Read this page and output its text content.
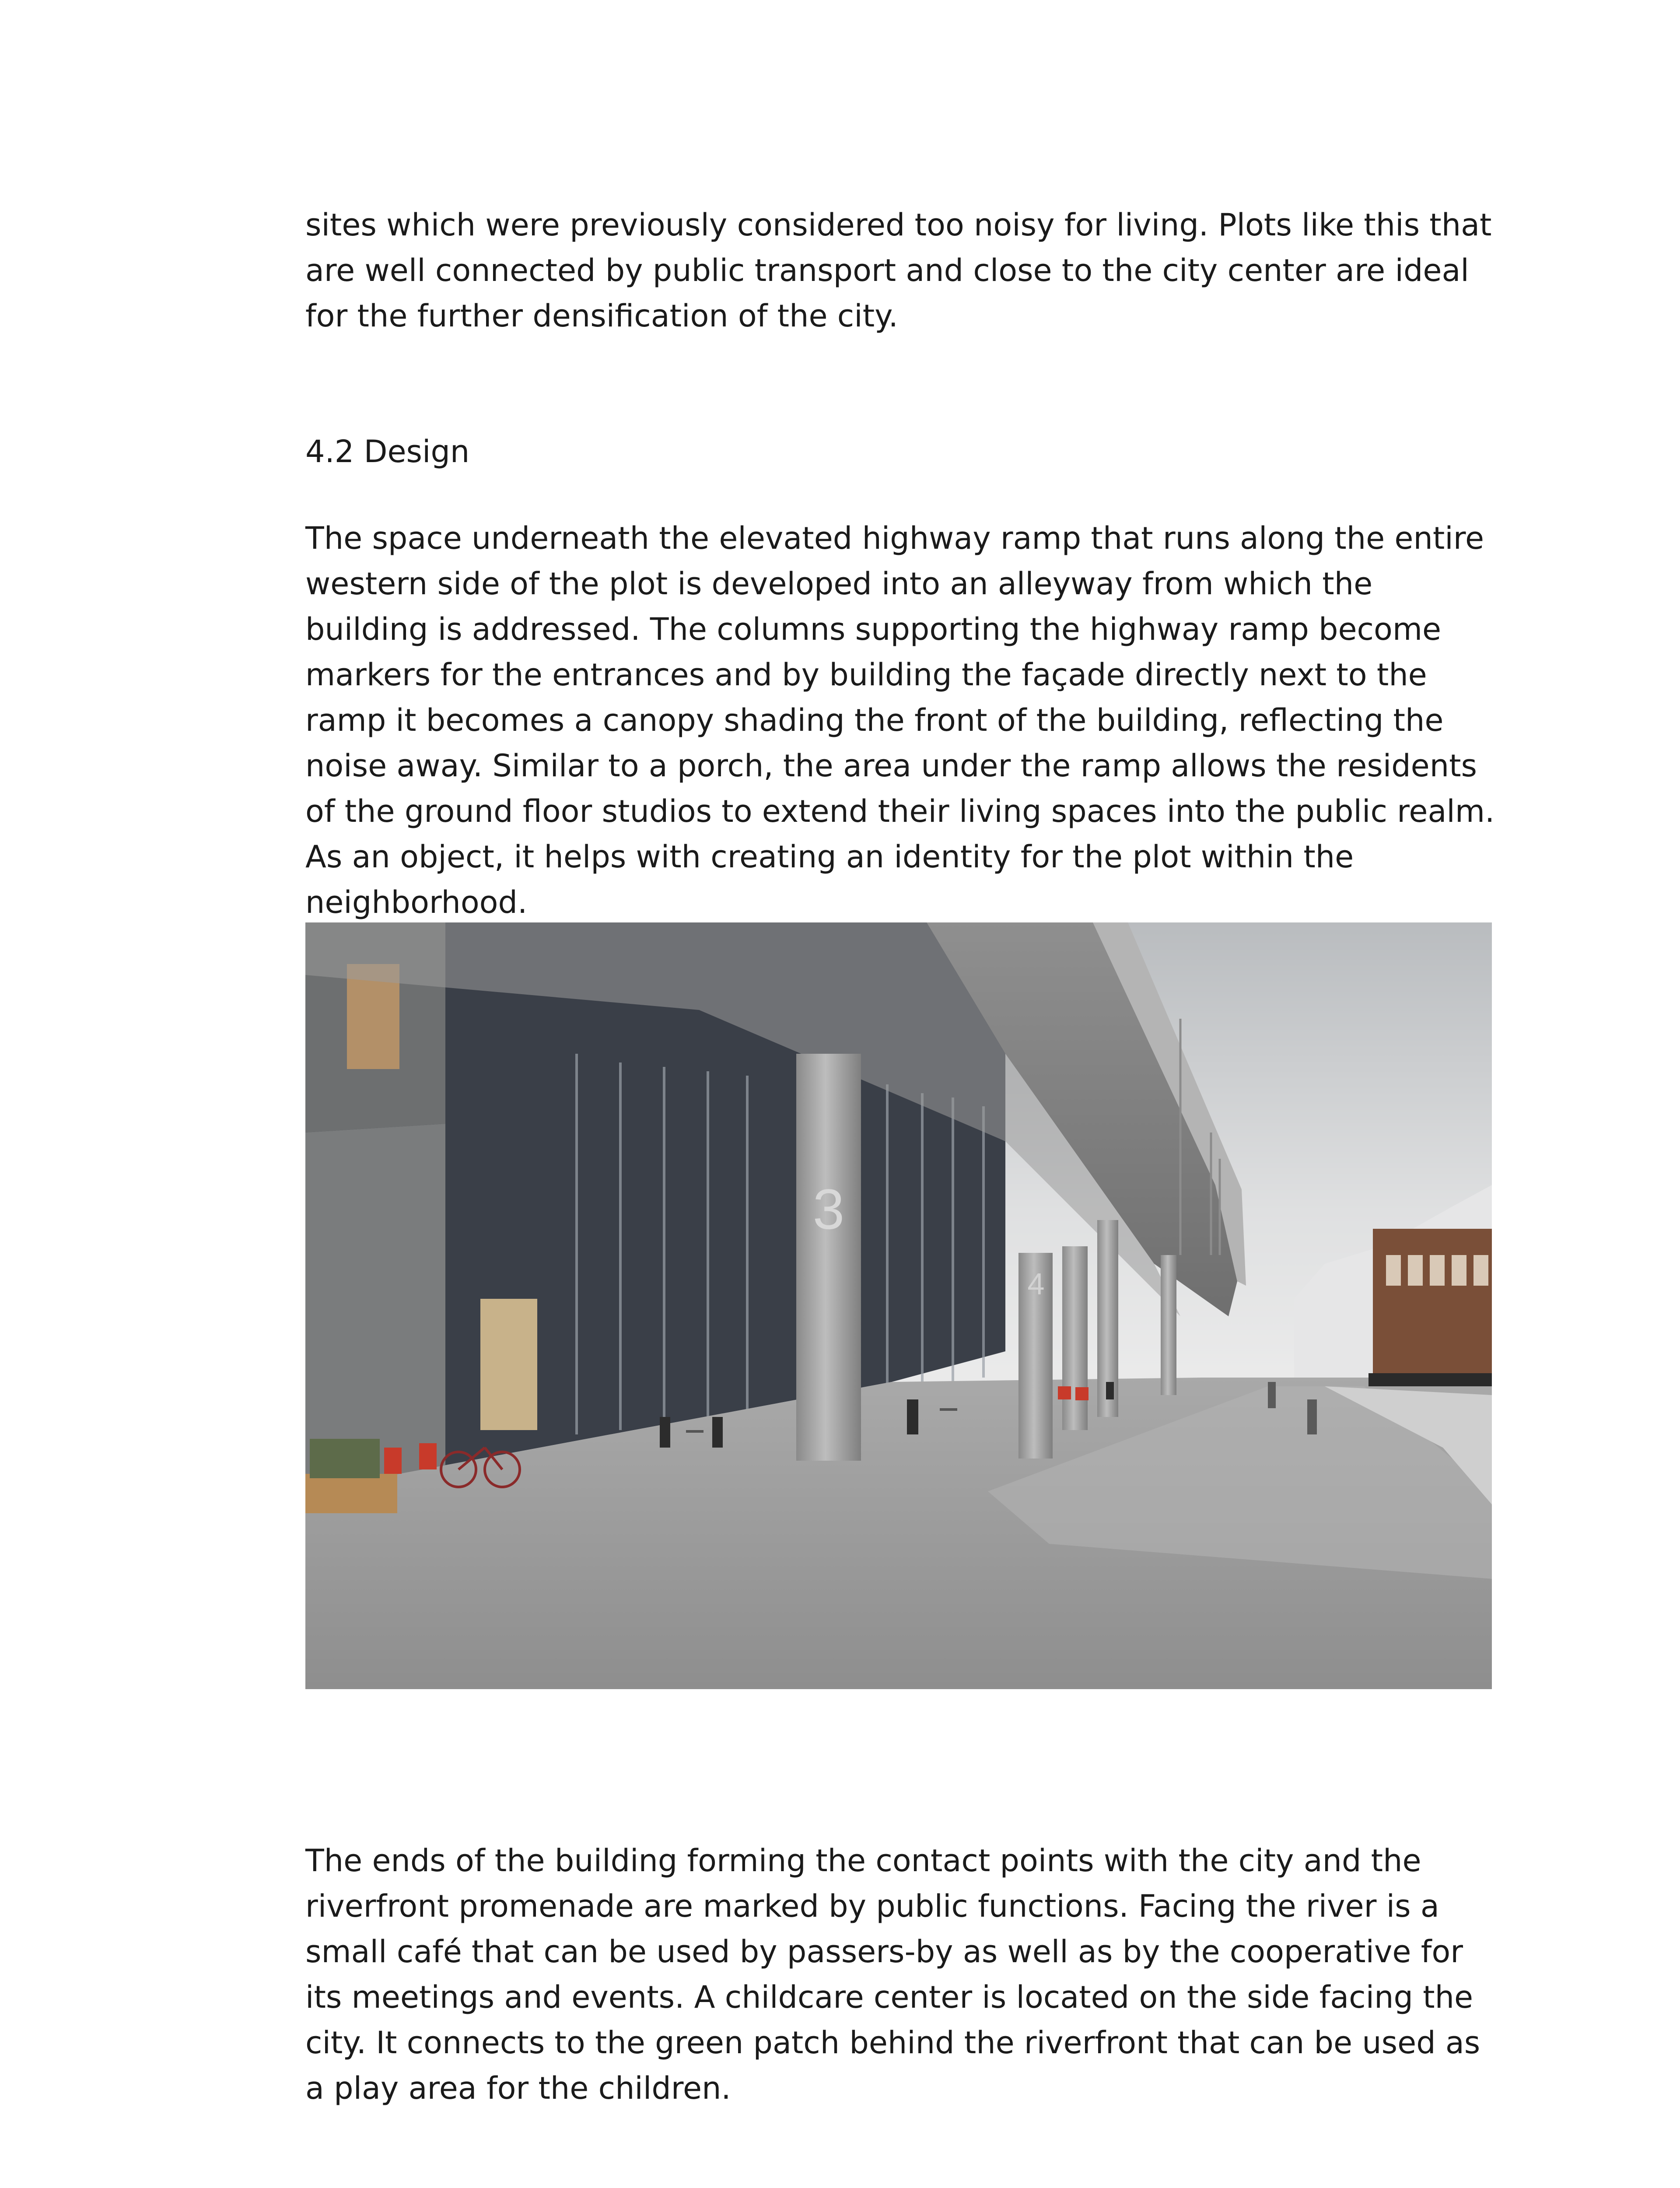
sites which were previously considered too noisy for living. Plots like this that are well connected by public transport and close to the city center are ideal for the further densification of the city.

4.2 Design

The space underneath the elevated highway ramp that runs along the entire western side of the plot is developed into an alleyway from which the building is addressed. The columns supporting the highway ramp become markers for the entrances and by building the façade directly next to the ramp it becomes a canopy shading the front of the building, reflecting the noise away. Similar to a porch, the area under the ramp allows the residents of the ground floor studios to extend their living spaces into the public realm. As an object, it helps with creating an identity for the plot within the neighborhood.

3
4

The ends of the building forming the contact points with the city and the riverfront promenade are marked by public functions. Facing the river is a small café that can be used by passers-by as well as by the cooperative for its meetings and events. A childcare center is located on the side facing the city. It connects to the green patch behind the riverfront that can be used as a play area for the children.
